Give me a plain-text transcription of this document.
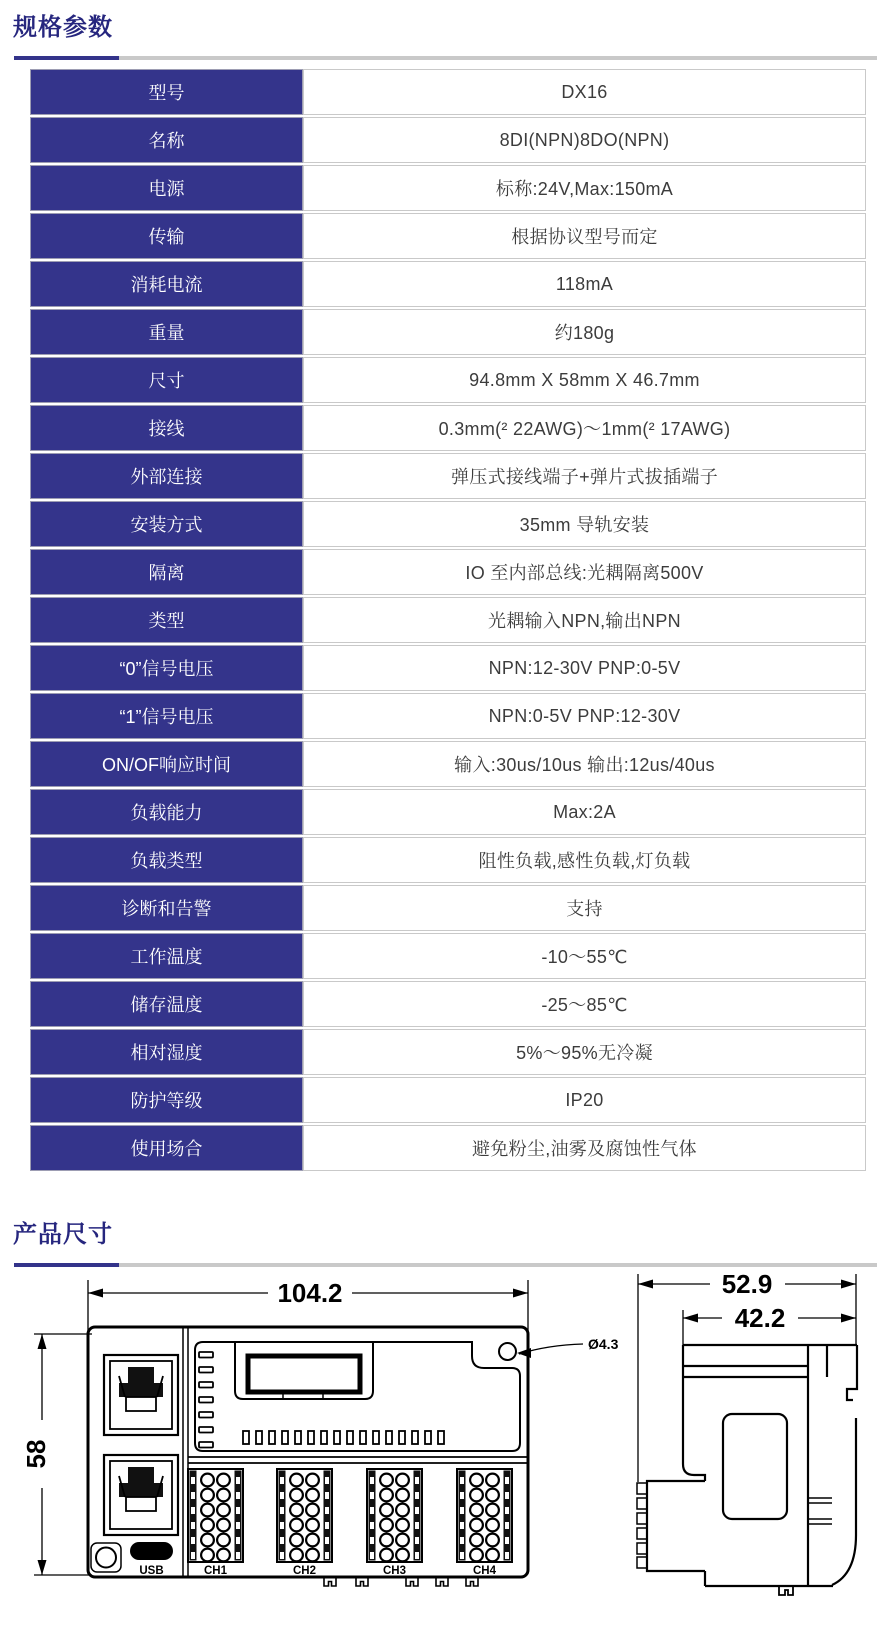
规格参数
型号	DX16
名称	8DI(NPN)8DO(NPN)
电源	标称:24V,Max:150mA
传输	根据协议型号而定
消耗电流	118mA
重量	约180g
尺寸	94.8mm X 58mm X 46.7mm
接线	0.3mm(² 22AWG)～1mm(² 17AWG)
外部连接	弹压式接线端子+弹片式拔插端子
安装方式	35mm 导轨安装
隔离	IO 至内部总线:光耦隔离500V
类型	光耦输入NPN,输出NPN
“0”信号电压	NPN:12-30V PNP:0-5V
“1”信号电压	NPN:0-5V PNP:12-30V
ON/OF响应时间	输入:30us/10us 输出:12us/40us
负载能力	Max:2A
负载类型	阻性负载,感性负载,灯负载
诊断和告警	支持
工作温度	-10～55℃
储存温度	-25～85℃
相对湿度	5%～95%无冷凝
防护等级	IP20
使用场合	避免粉尘,油雾及腐蚀性气体
产品尺寸
104.2
58
USB	CH1	CH2	CH3	CH4
Ø4.3
52.9
42.2
